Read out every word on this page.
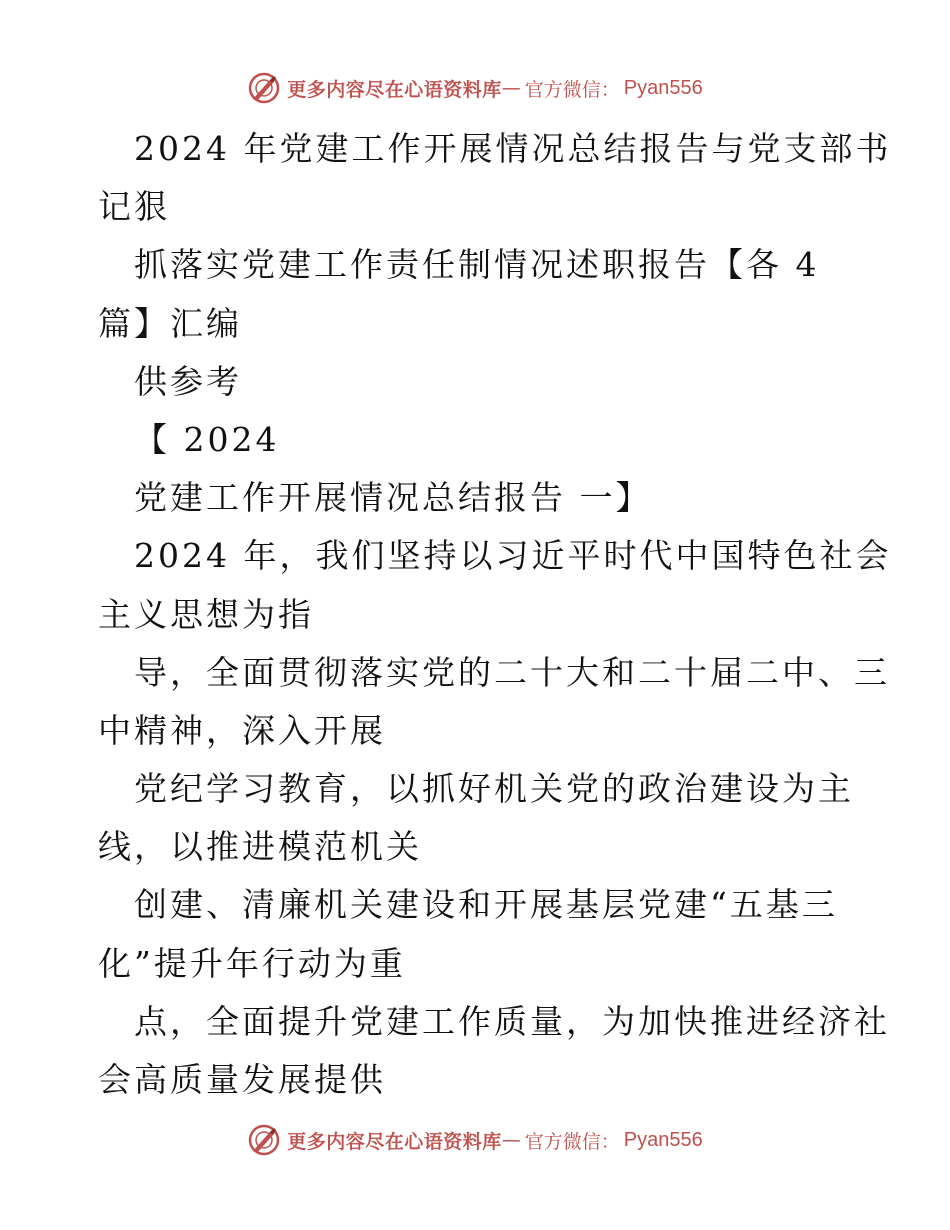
更多内容尽在心语资料库 — 官方微信： Pyan556
2024 年党建工作开展情况总结报告与党支部书
记狠
抓落实党建工作责任制情况述职报告【各 4
篇】汇编
供参考
【 2024
党建工作开展情况总结报告 一】
2024 年，我们坚持以习近平时代中国特色社会
主义思想为指
导，全面贯彻落实党的二十大和二十届二中、三
中精神，深入开展
党纪学习教育，以抓好机关党的政治建设为主
线，以推进模范机关
创建、清廉机关建设和开展基层党建“五基三
化”提升年行动为重
点，全面提升党建工作质量，为加快推进经济社
会高质量发展提供
更多内容尽在心语资料库 — 官方微信： Pyan556
